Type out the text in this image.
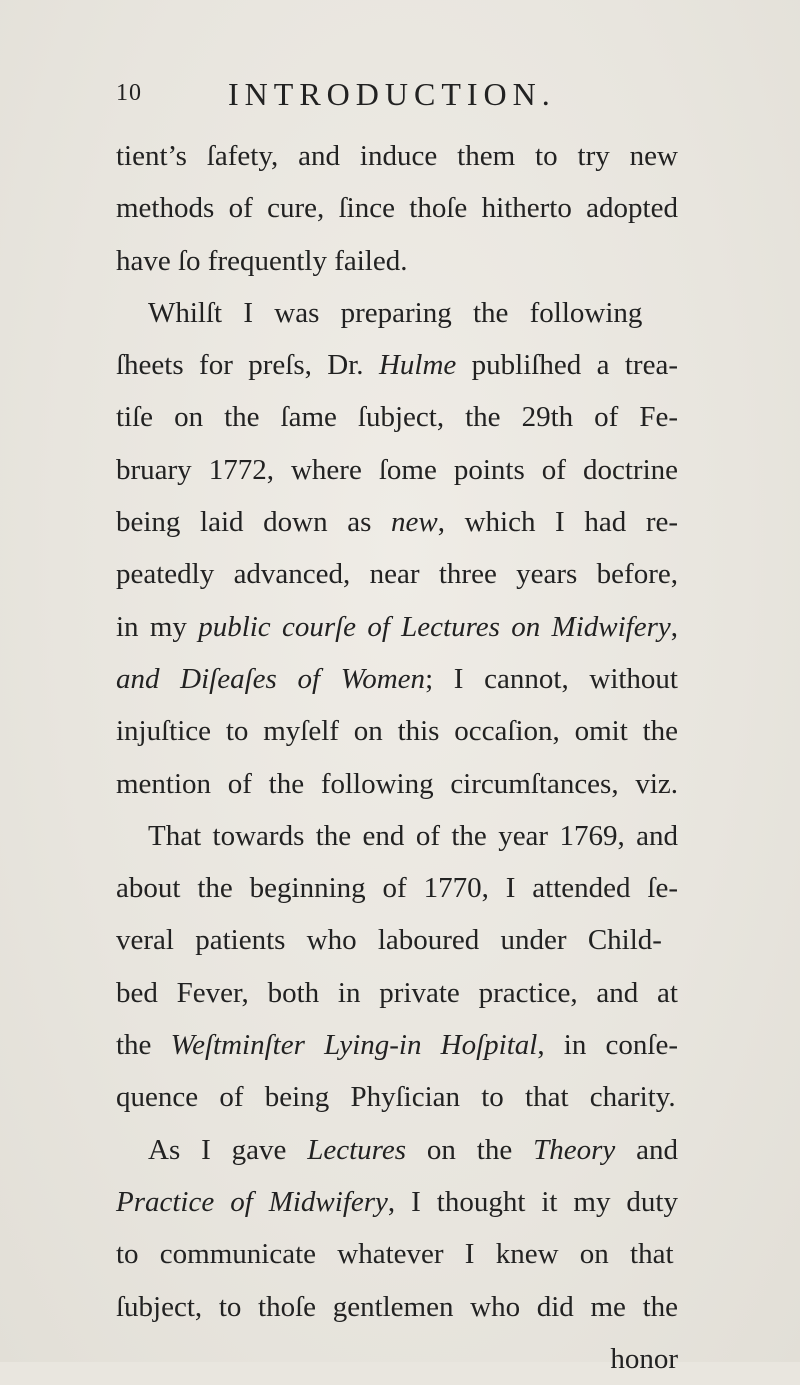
10	INTRODUCTION.
tient’s ſafety, and induce them to try new
methods of cure, ſince thoſe hitherto adopted
have ſo frequently failed.
Whilſt I was preparing the following
ſheets for preſs, Dr. Hulme publiſhed a trea-
tiſe on the ſame ſubject, the 29th of Fe-
bruary 1772, where ſome points of doctrine
being laid down as new, which I had re-
peatedly advanced, near three years before,
in my public courſe of Lectures on Midwifery,
and Diſeaſes of Women; I cannot, without
injuſtice to myſelf on this occaſion, omit the
mention of the following circumſtances, viz.
That towards the end of the year 1769, and
about the beginning of 1770, I attended ſe-
veral patients who laboured under Child-
bed Fever, both in private practice, and at
the Weſtminſter Lying-in Hoſpital, in conſe-
quence of being Phyſician to that charity.
As I gave Lectures on the Theory and
Practice of Midwifery, I thought it my duty
to communicate whatever I knew on that
ſubject, to thoſe gentlemen who did me the
honor
